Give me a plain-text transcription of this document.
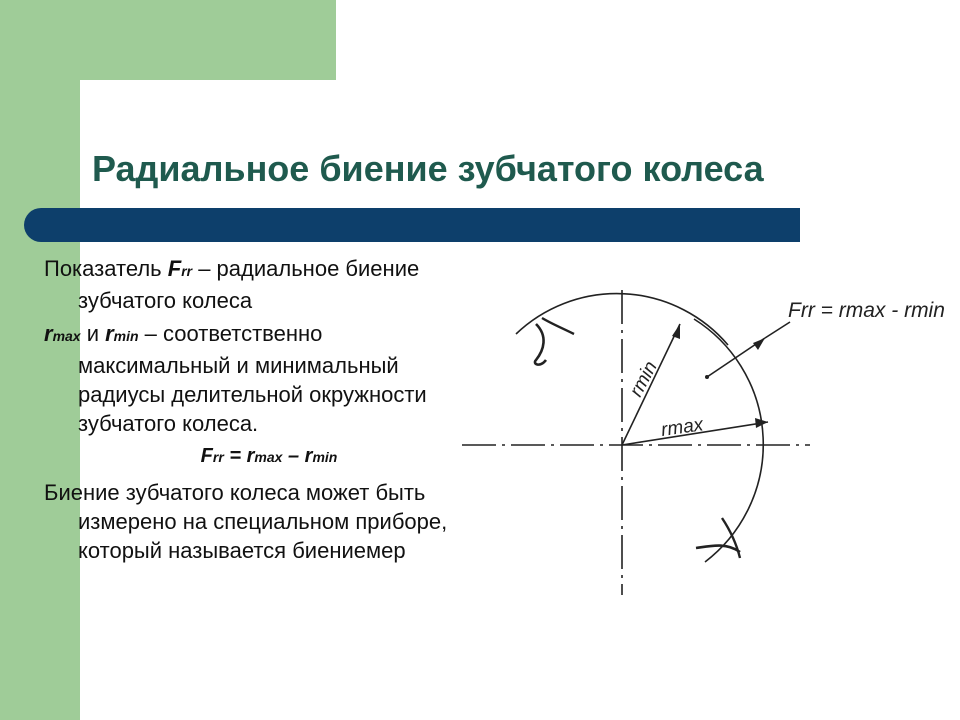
Радиальное биение зубчатого колеса

Показатель Frr – радиальное биение зубчатого колеса

rmax и rmin – соответственно максимальный и минимальный радиусы делительной окружности зубчатого колеса.

Frr = rmax – rmin

Биение зубчатого колеса может быть измерено на специальном приборе, который называется биениемер

Frr = rmax - rmin
rmin
rmax
